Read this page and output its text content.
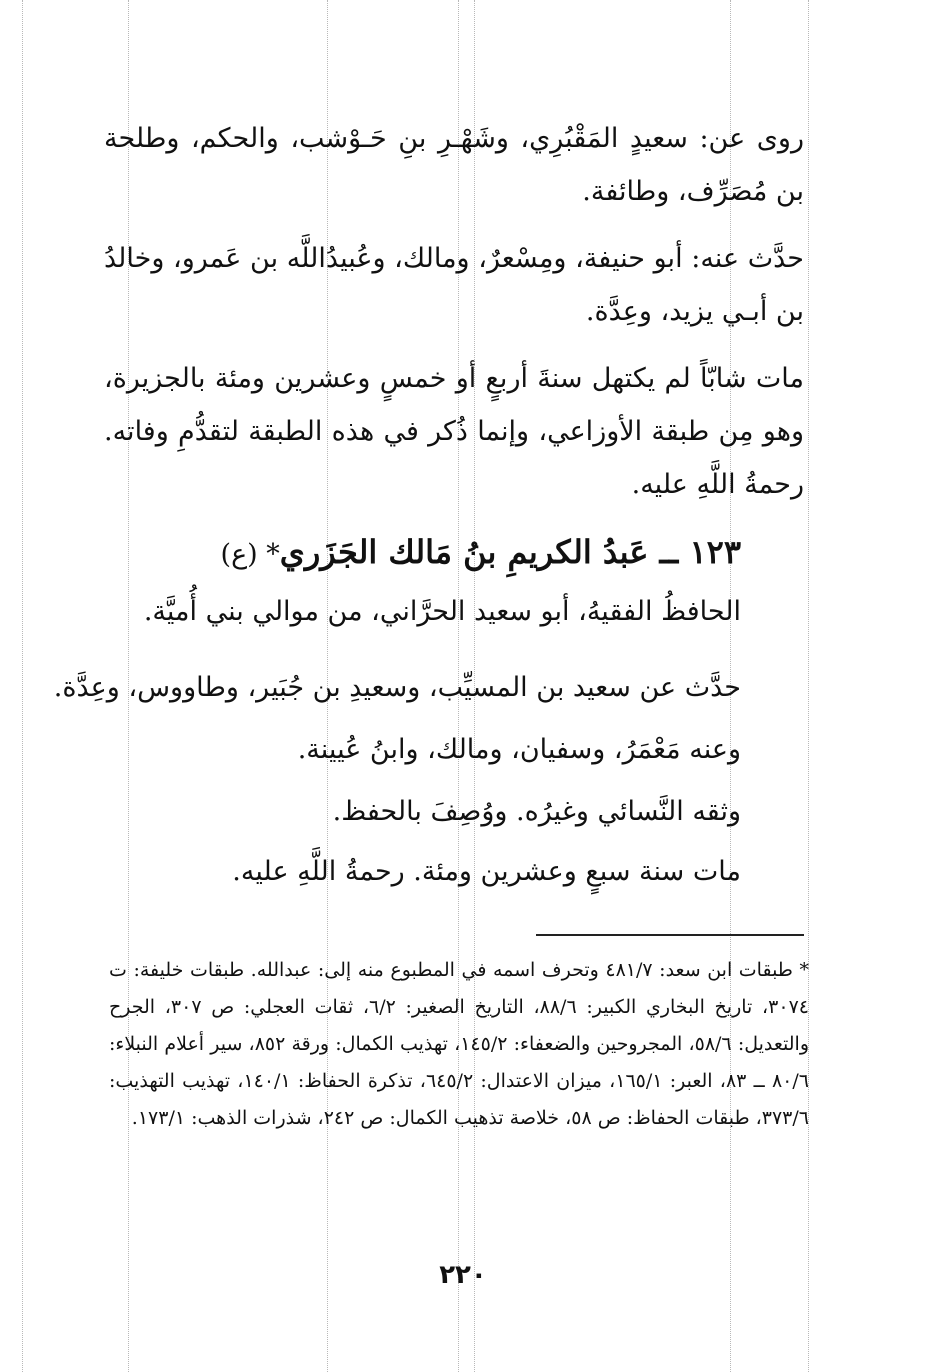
روى عن: سعيدٍ المَقْبُرِي، وشَهْـرِ بنِ حَـوْشب، والحكم، وطلحة بن مُصَرِّف، وطائفة.

حدَّث عنه: أبو حنيفة، ومِسْعرٌ، ومالك، وعُبيدُاللَّه بن عَمرو، وخالدُ بن أبـي يزيد، وعِدَّة.

مات شابّاً لم يكتهل سنةَ أربعٍ أو خمسٍ وعشرين ومئة بالجزيرة، وهو مِن طبقة الأوزاعي، وإنما ذُكر في هذه الطبقة لتقدُّمِ وفاته. رحمةُ اللَّهِ عليه.

١٢٣ ــ عَبدُ الكريمِ بنُ مَالك الجَزَري* (ع)

الحافظُ الفقيهُ، أبو سعيد الحرَّاني، من موالي بني أُميَّة.

حدَّث عن سعيد بن المسيِّب، وسعيدِ بن جُبَير، وطاووس، وعِدَّة.

وعنه مَعْمَرُ، وسفيان، ومالك، وابنُ عُيينة.

وثقه النَّسائي وغيرُه. ووُصِفَ بالحفظ.

مات سنة سبعٍ وعشرين ومئة. رحمةُ اللَّهِ عليه.

* طبقات ابن سعد: ٤٨١/٧ وتحرف اسمه في المطبوع منه إلى: عبدالله. طبقات خليفة: ت ٣٠٧٤، تاريخ البخاري الكبير: ٨٨/٦، التاريخ الصغير: ٦/٢، ثقات العجلي: ص ٣٠٧، الجرح والتعديل: ٥٨/٦، المجروحين والضعفاء: ١٤٥/٢، تهذيب الكمال: ورقة ٨٥٢، سير أعلام النبلاء: ٨٠/٦ ــ ٨٣، العبر: ١٦٥/١، ميزان الاعتدال: ٦٤٥/٢، تذكرة الحفاظ: ١٤٠/١، تهذيب التهذيب: ٣٧٣/٦، طبقات الحفاظ: ص ٥٨، خلاصة تذهيب الكمال: ص ٢٤٢، شذرات الذهب: ١٧٣/١.

٢٢٠
